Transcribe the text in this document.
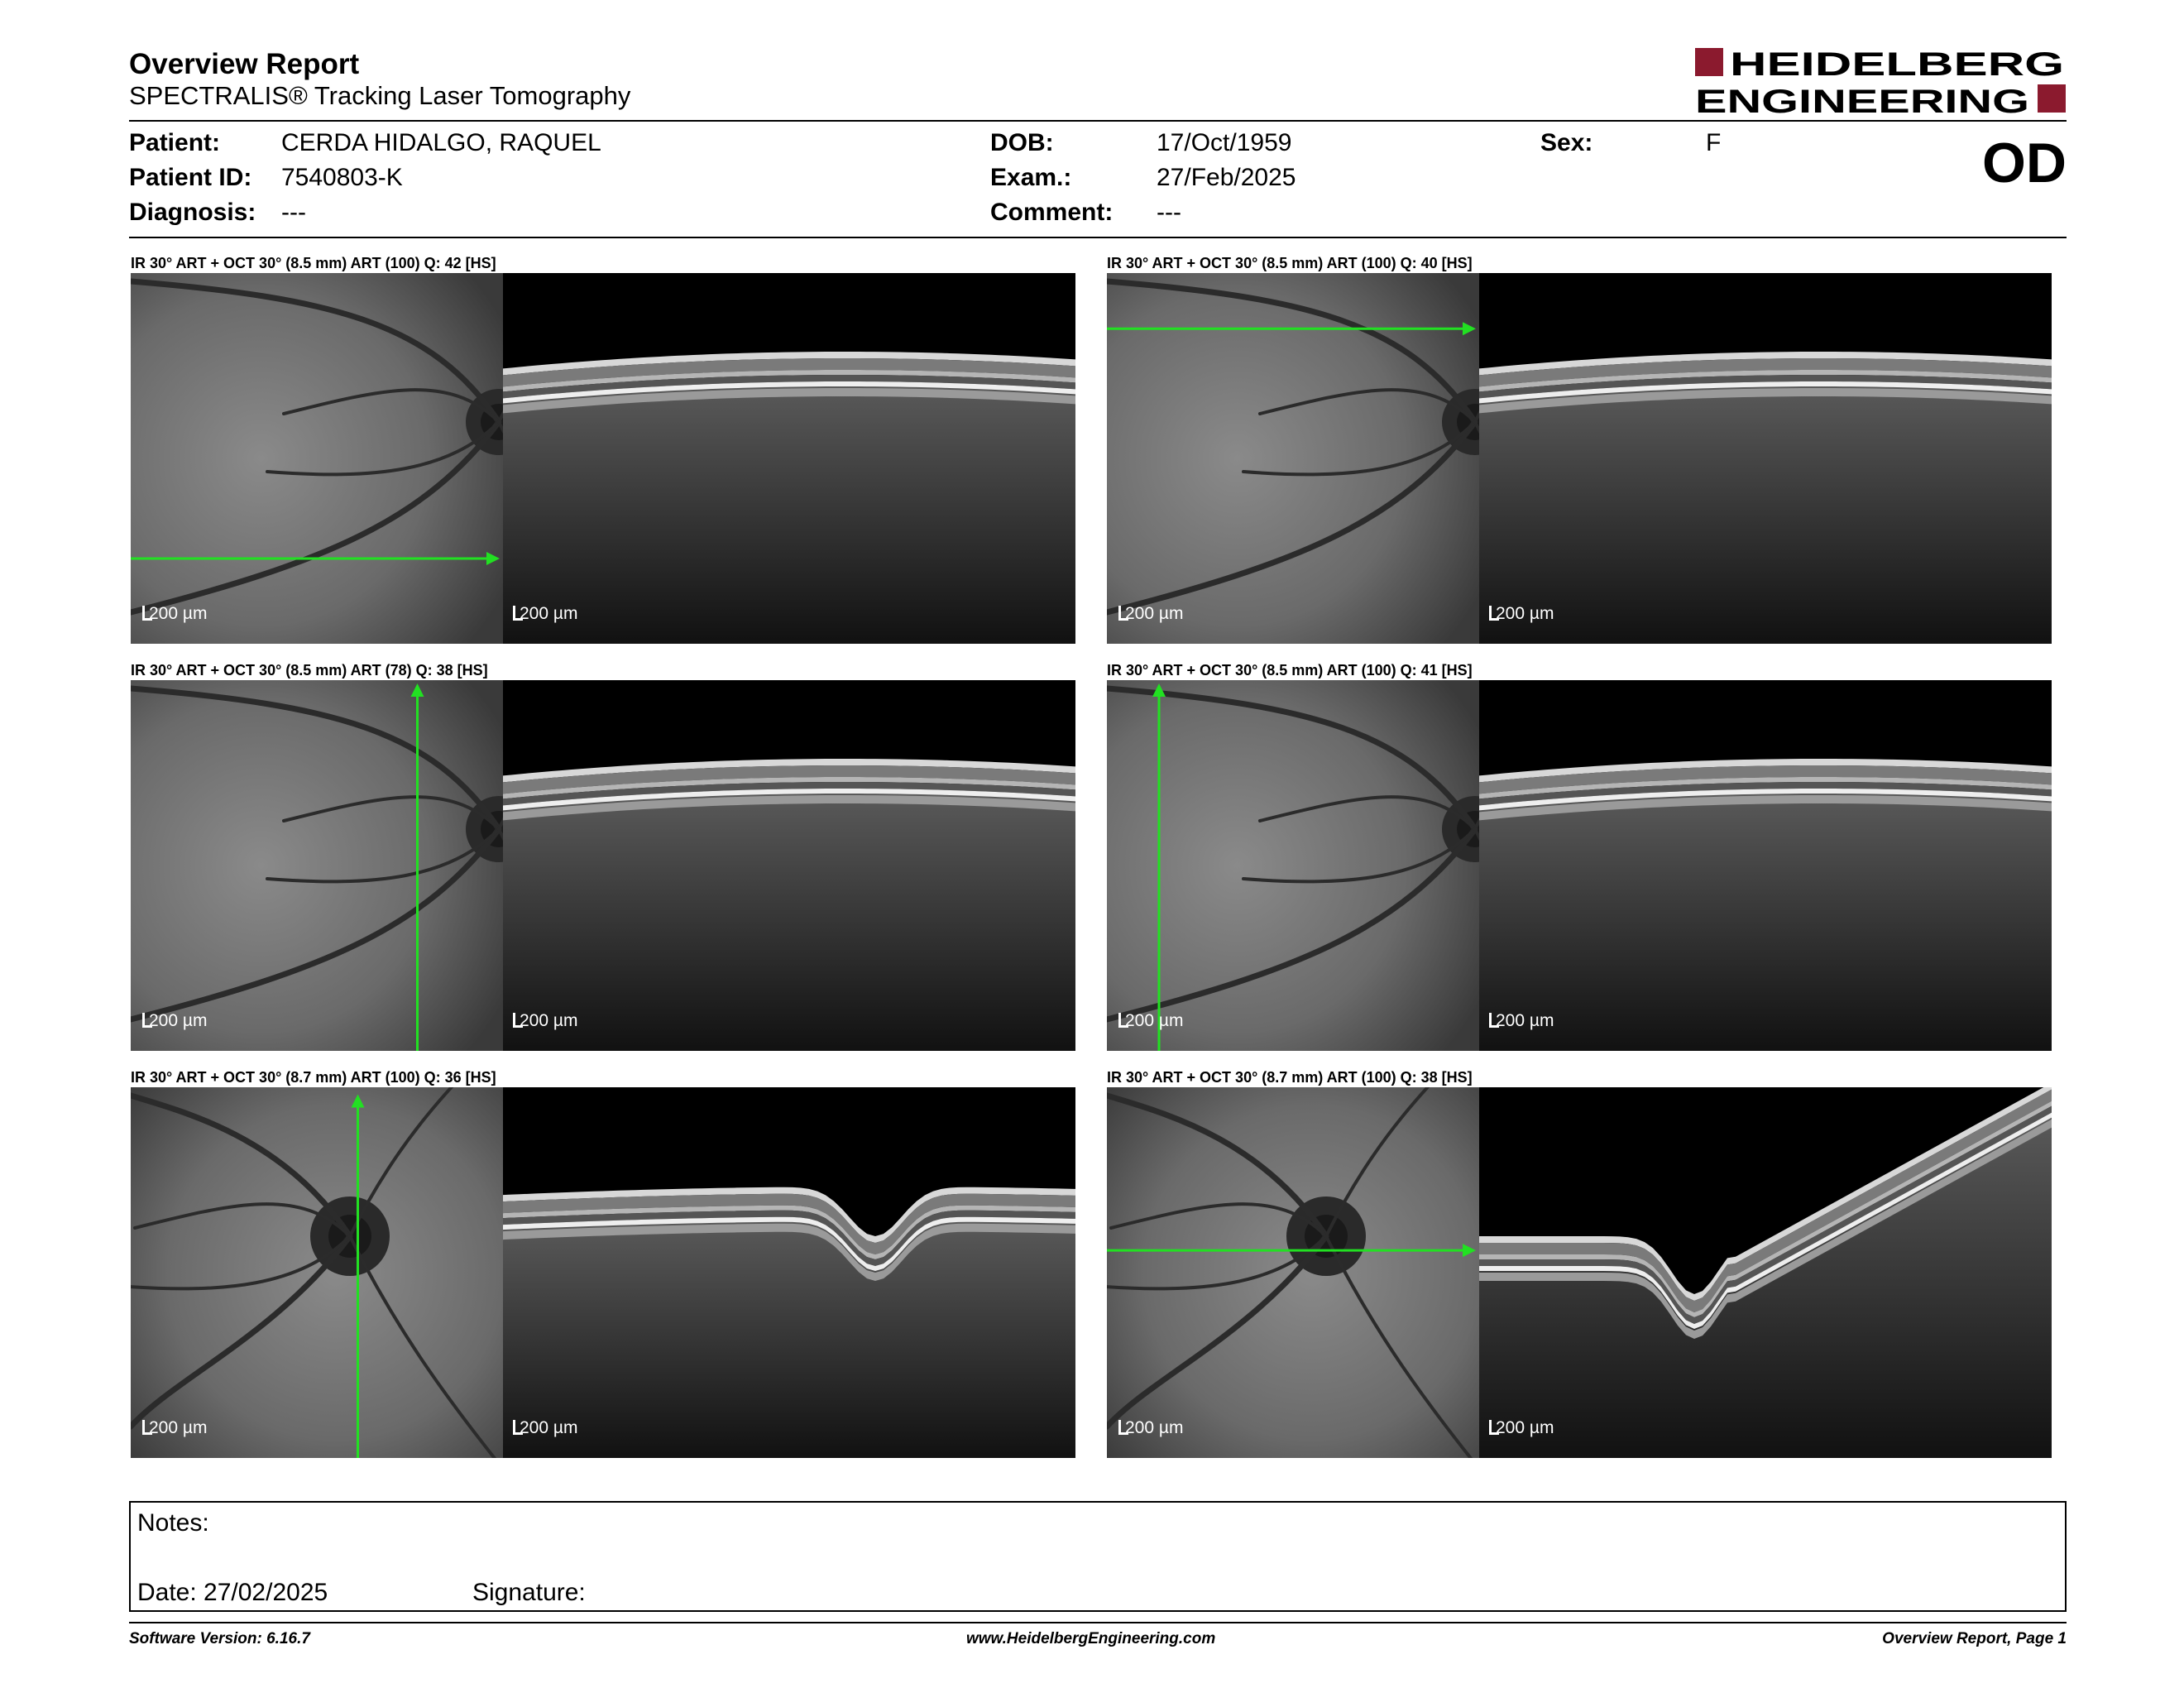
Overview Report
SPECTRALIS® Tracking Laser Tomography
HEIDELBERG
ENGINEERING
Patient: CERDA HIDALGO, RAQUEL
Patient ID: 7540803-K
Diagnosis: ---
DOB:	17/Oct/1959
Exam.:	27/Feb/2025
Comment: ---
Sex:	F	OD
IR 30° ART + OCT 30° (8.5 mm) ART (100) Q: 42 [HS]
200 µm	200 µm
IR 30° ART + OCT 30° (8.5 mm) ART (100) Q: 40 [HS]
200 µm	200 µm
IR 30° ART + OCT 30° (8.5 mm) ART (78) Q: 38 [HS]
200 µm	200 µm
IR 30° ART + OCT 30° (8.5 mm) ART (100) Q: 41 [HS]
200 µm	200 µm
IR 30° ART + OCT 30° (8.7 mm) ART (100) Q: 36 [HS]
200 µm	200 µm
IR 30° ART + OCT 30° (8.7 mm) ART (100) Q: 38 [HS]
200 µm	200 µm
Notes:
Date: 27/02/2025	Signature:
Software Version: 6.16.7	www.HeidelbergEngineering.com	Overview Report, Page 1
